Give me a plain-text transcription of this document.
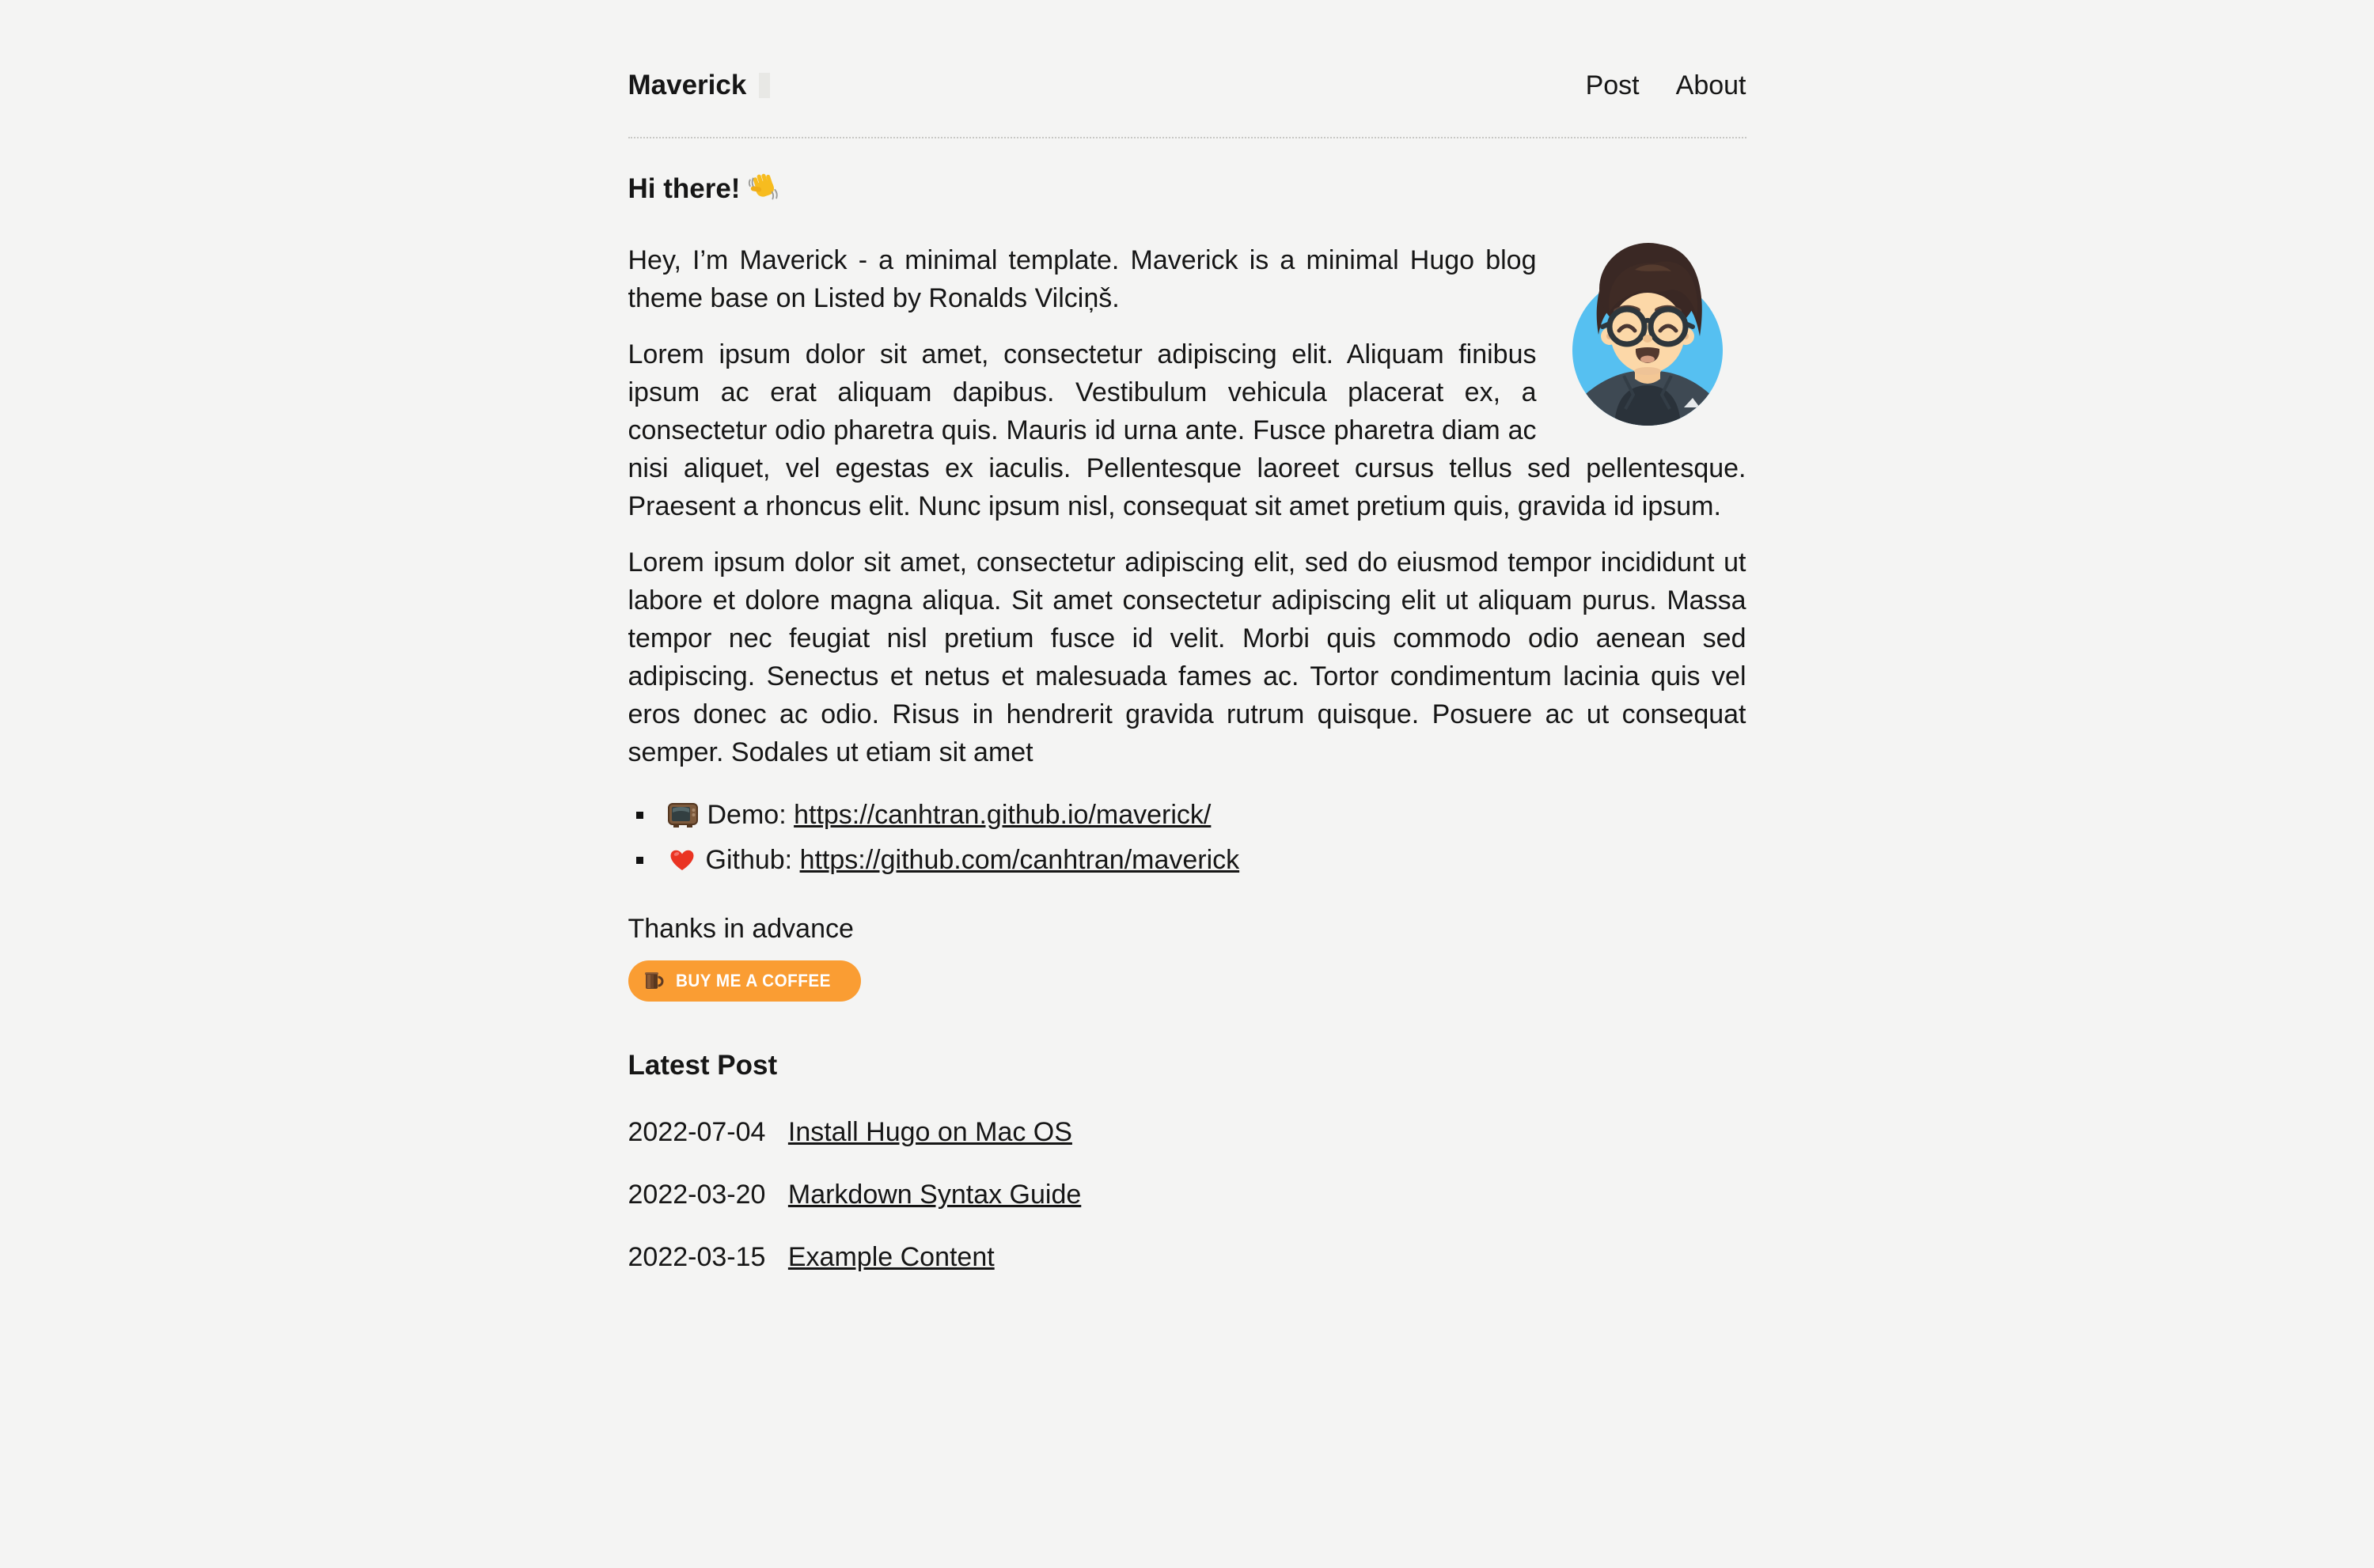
Maverick	Post About
Hi there!

Hey, I’m Maverick - a minimal template. Maverick is a minimal Hugo blog theme base on Listed by Ronalds Vilciņš.

Lorem ipsum dolor sit amet, consectetur adipiscing elit. Aliquam finibus ipsum ac erat aliquam dapibus. Vestibulum vehicula placerat ex, a consectetur odio pharetra quis. Mauris id urna ante. Fusce pharetra diam ac nisi aliquet, vel egestas ex iaculis. Pellentesque laoreet cursus tellus sed pellentesque. Praesent a rhoncus elit. Nunc ipsum nisl, consequat sit amet pretium quis, gravida id ipsum.

Lorem ipsum dolor sit amet, consectetur adipiscing elit, sed do eiusmod tempor incididunt ut labore et dolore magna aliqua. Sit amet consectetur adipiscing elit ut aliquam purus. Massa tempor nec feugiat nisl pretium fusce id velit. Morbi quis commodo odio aenean sed adipiscing. Senectus et netus et malesuada fames ac. Tortor condimentum lacinia quis vel eros donec ac odio. Risus in hendrerit gravida rutrum quisque. Posuere ac ut consequat semper. Sodales ut etiam sit amet

Demo: https://canhtran.github.io/maverick/
Github: https://github.com/canhtran/maverick

Thanks in advance

BUY ME A COFFEE
Latest Post
2022-07-04 Install Hugo on Mac OS
2022-03-20 Markdown Syntax Guide
2022-03-15 Example Content
